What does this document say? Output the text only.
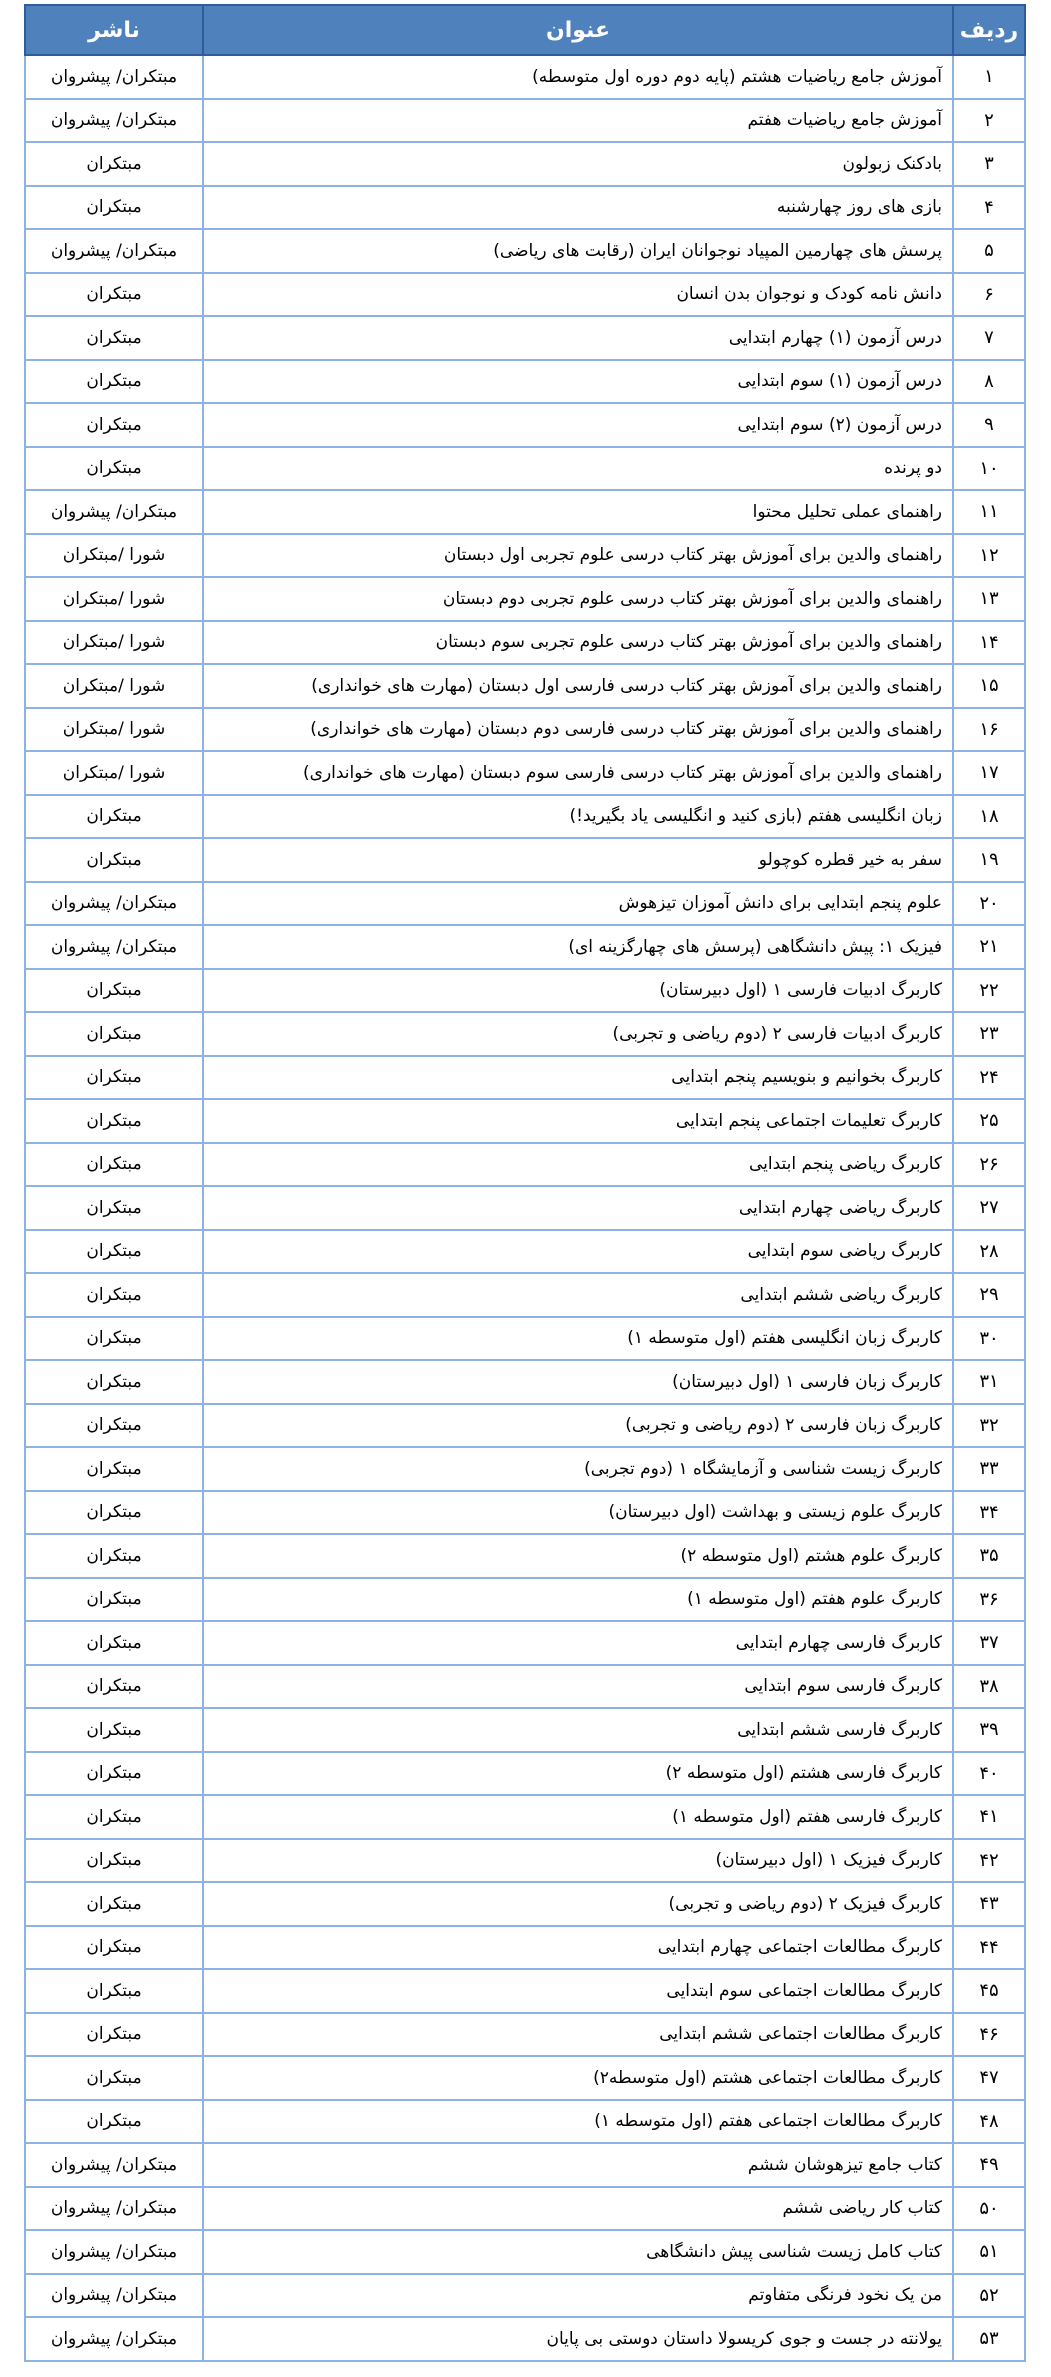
ردیف	عنوان	ناشر
۱	آموزش جامع ریاضیات هشتم (پایه دوم دوره اول متوسطه)	مبتکران/ پیشروان
۲	آموزش جامع ریاضیات هفتم	مبتکران/ پیشروان
۳	بادکنک زبولون	مبتکران
۴	بازی های روز چهارشنبه	مبتکران
۵	پرسش های چهارمین المپیاد نوجوانان ایران (رقابت های ریاضی)	مبتکران/ پیشروان
۶	دانش نامه کودک و نوجوان بدن انسان	مبتکران
۷	درس آزمون (۱) چهارم ابتدایی	مبتکران
۸	درس آزمون (۱) سوم ابتدایی	مبتکران
۹	درس آزمون (۲) سوم ابتدایی	مبتکران
۱۰	دو پرنده	مبتکران
۱۱	راهنمای عملی تحلیل محتوا	مبتکران/ پیشروان
۱۲	راهنمای والدین برای آموزش بهتر کتاب درسی علوم تجربی اول دبستان	شورا /مبتکران
۱۳	راهنمای والدین برای آموزش بهتر کتاب درسی علوم تجربی دوم دبستان	شورا /مبتکران
۱۴	راهنمای والدین برای آموزش بهتر کتاب درسی علوم تجربی سوم دبستان	شورا /مبتکران
۱۵	راهنمای والدین برای آموزش بهتر کتاب درسی فارسی اول دبستان (مهارت های خوانداری)	شورا /مبتکران
۱۶	راهنمای والدین برای آموزش بهتر کتاب درسی فارسی دوم دبستان (مهارت های خوانداری)	شورا /مبتکران
۱۷	راهنمای والدین برای آموزش بهتر کتاب درسی فارسی سوم دبستان (مهارت های خوانداری)	شورا /مبتکران
۱۸	زبان انگلیسی هفتم (بازی کنید و انگلیسی یاد بگیرید!)	مبتکران
۱۹	سفر به خیر قطره کوچولو	مبتکران
۲۰	علوم پنجم ابتدایی برای دانش آموزان تیزهوش	مبتکران/ پیشروان
۲۱	فیزیک ۱: پیش دانشگاهی (پرسش های چهارگزینه ای)	مبتکران/ پیشروان
۲۲	کاربرگ ادبیات فارسی ۱ (اول دبیرستان)	مبتکران
۲۳	کاربرگ ادبیات فارسی ۲ (دوم ریاضی و تجربی)	مبتکران
۲۴	کاربرگ بخوانیم و بنویسیم پنجم ابتدایی	مبتکران
۲۵	کاربرگ تعلیمات اجتماعی پنجم ابتدایی	مبتکران
۲۶	کاربرگ ریاضی پنجم ابتدایی	مبتکران
۲۷	کاربرگ ریاضی چهارم ابتدایی	مبتکران
۲۸	کاربرگ ریاضی سوم ابتدایی	مبتکران
۲۹	کاربرگ ریاضی ششم ابتدایی	مبتکران
۳۰	کاربرگ زبان انگلیسی هفتم (اول متوسطه ۱)	مبتکران
۳۱	کاربرگ زبان فارسی ۱ (اول دبیرستان)	مبتکران
۳۲	کاربرگ زبان فارسی ۲ (دوم ریاضی و تجربی)	مبتکران
۳۳	کاربرگ زیست شناسی و آزمایشگاه ۱ (دوم تجربی)	مبتکران
۳۴	کاربرگ علوم زیستی و بهداشت (اول دبیرستان)	مبتکران
۳۵	کاربرگ علوم هشتم (اول متوسطه ۲)	مبتکران
۳۶	کاربرگ علوم هفتم (اول متوسطه ۱)	مبتکران
۳۷	کاربرگ فارسی چهارم ابتدایی	مبتکران
۳۸	کاربرگ فارسی سوم ابتدایی	مبتکران
۳۹	کاربرگ فارسی ششم ابتدایی	مبتکران
۴۰	کاربرگ فارسی هشتم (اول متوسطه ۲)	مبتکران
۴۱	کاربرگ فارسی هفتم (اول متوسطه ۱)	مبتکران
۴۲	کاربرگ فیزیک ۱ (اول دبیرستان)	مبتکران
۴۳	کاربرگ فیزیک ۲ (دوم ریاضی و تجربی)	مبتکران
۴۴	کاربرگ مطالعات اجتماعی چهارم ابتدایی	مبتکران
۴۵	کاربرگ مطالعات اجتماعی سوم ابتدایی	مبتکران
۴۶	کاربرگ مطالعات اجتماعی ششم ابتدایی	مبتکران
۴۷	کاربرگ مطالعات اجتماعی هشتم (اول متوسطه۲)	مبتکران
۴۸	کاربرگ مطالعات اجتماعی هفتم (اول متوسطه ۱)	مبتکران
۴۹	کتاب جامع تیزهوشان ششم	مبتکران/ پیشروان
۵۰	کتاب کار ریاضی ششم	مبتکران/ پیشروان
۵۱	کتاب کامل زیست شناسی پیش دانشگاهی	مبتکران/ پیشروان
۵۲	من یک نخود فرنگی متفاوتم	مبتکران/ پیشروان
۵۳	یولانته در جست و جوی کریسولا داستان دوستی بی پایان	مبتکران/ پیشروان
